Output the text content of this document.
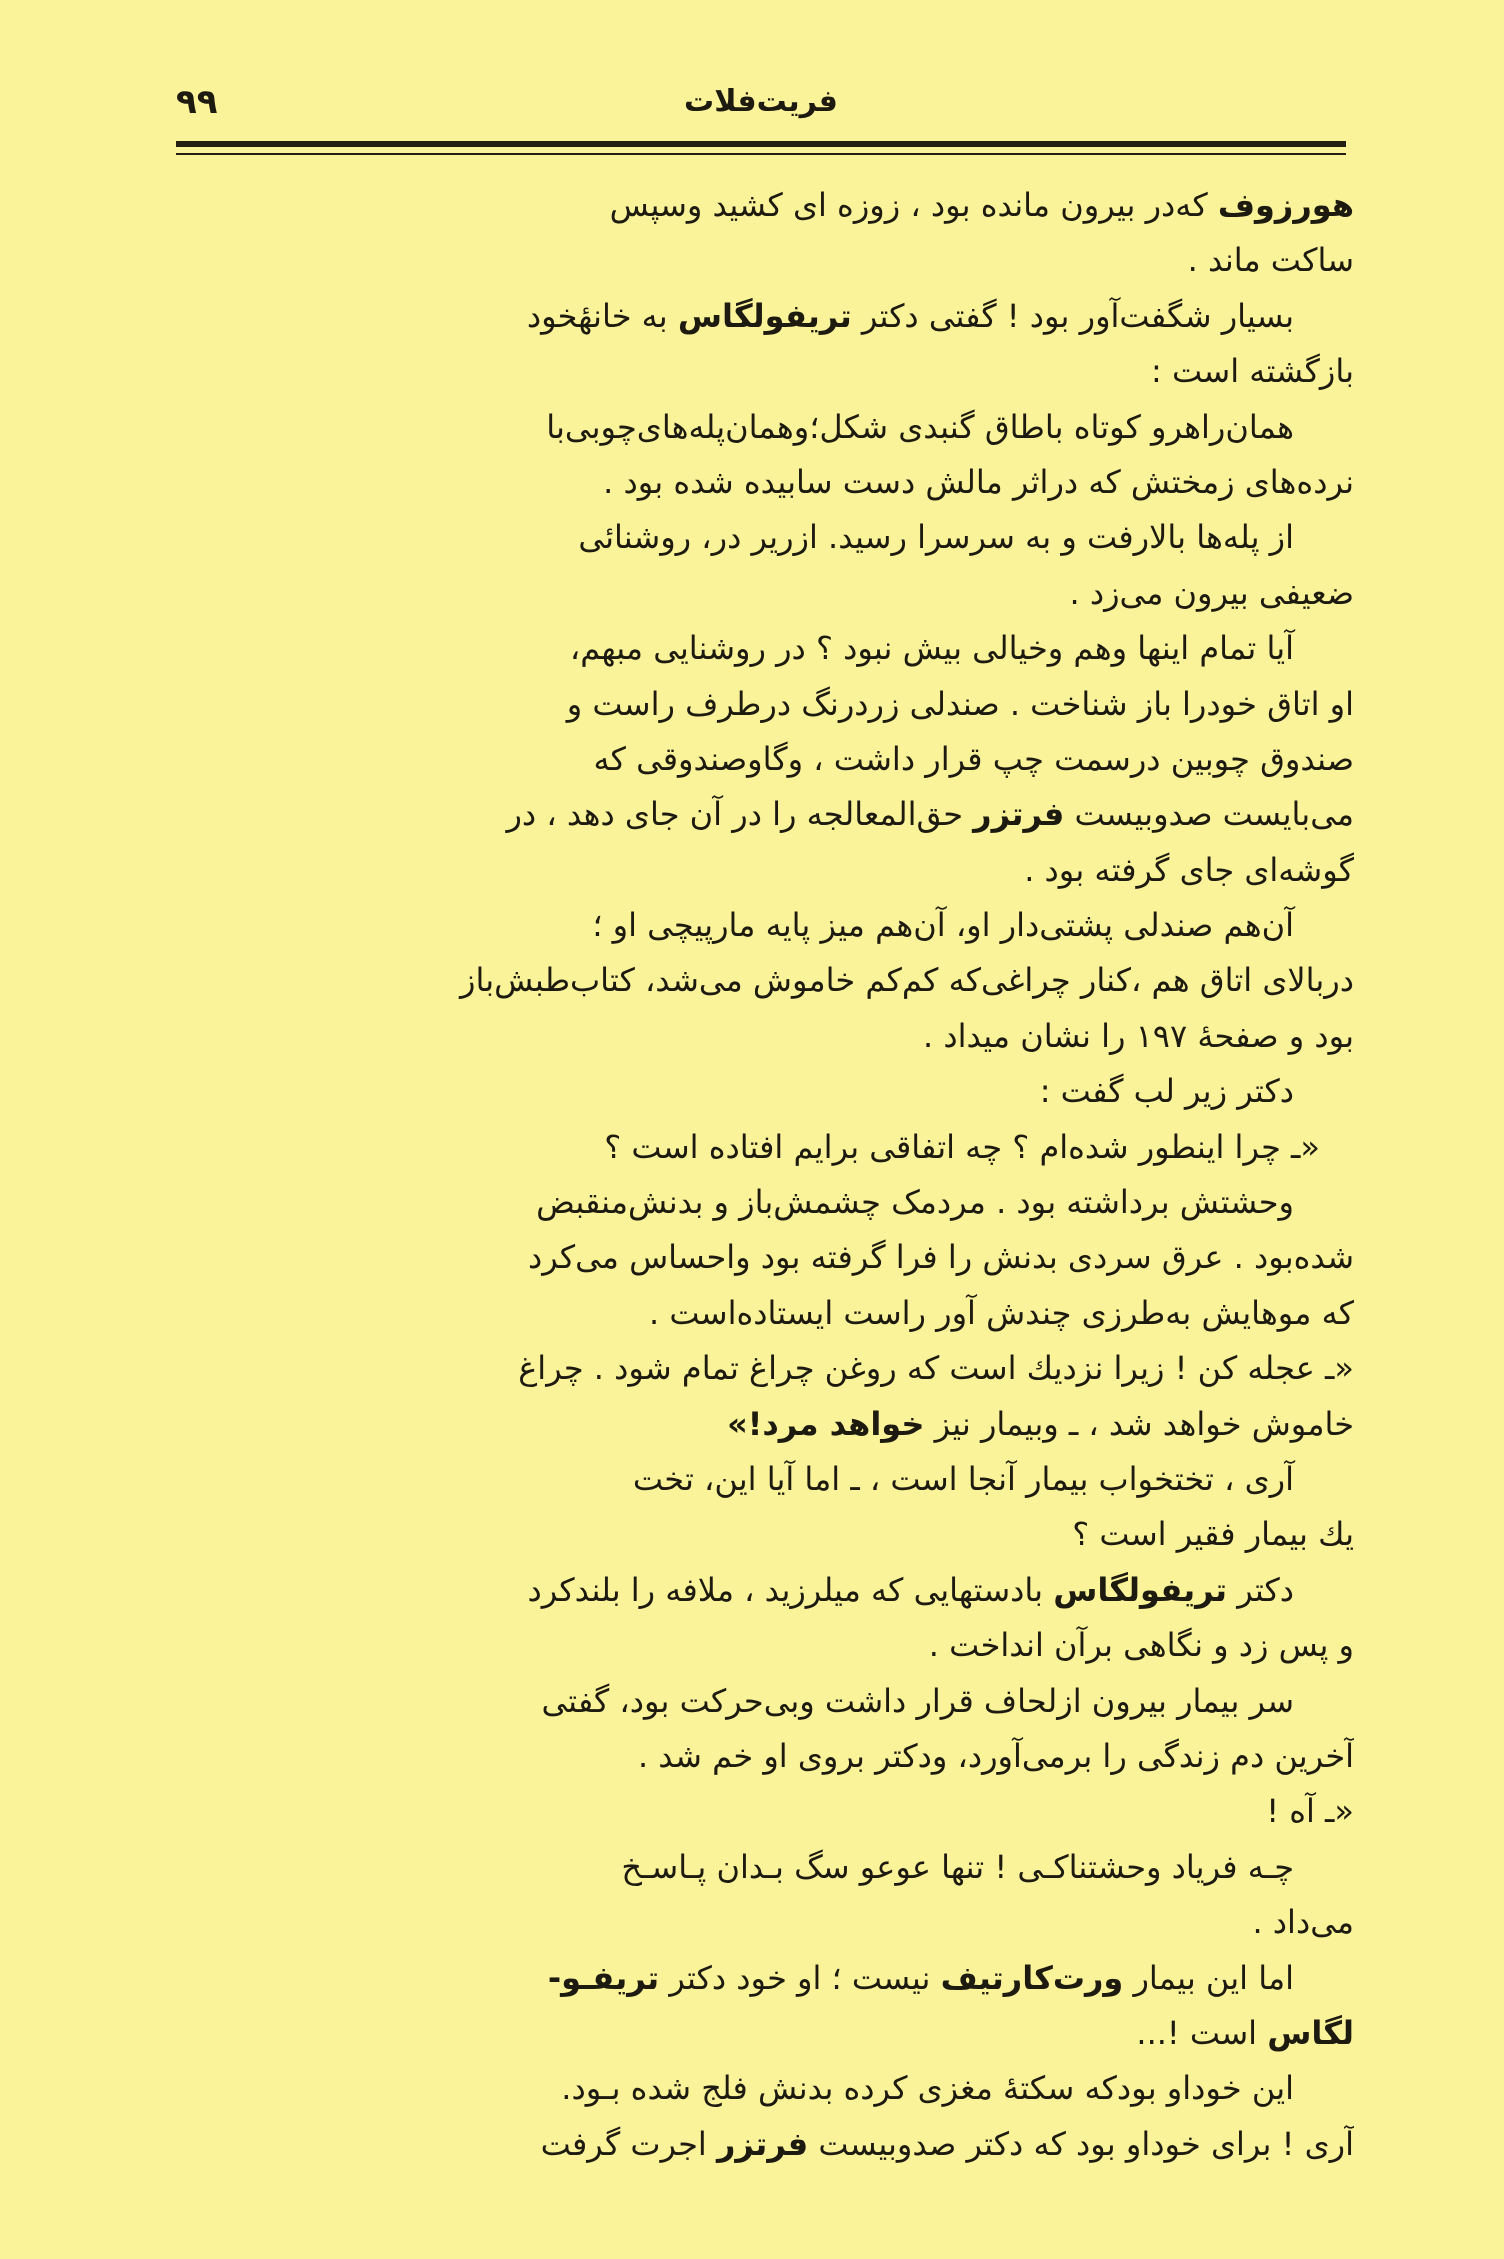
فریت‌فلات
۹۹
هورزوف که‌در بیرون مانده بود ، زوزه ای کشید وسپس
ساکت ماند .
بسیار شگفت‌آور بود ! گفتی دکتر تریفولگاس به خانهٔخود
بازگشته است :
همان‌راهرو کوتاه باطاق گنبدی شکل؛وهمان‌پله‌های‌چوبی‌با
نرده‌های زمختش که دراثر مالش دست سابیده شده بود .
از پله‌ها بالارفت و به سرسرا رسید. ازریر در، روشنائی
ضعیفی بیرون می‌زد .
آیا تمام اینها وهم وخیالی بیش نبود ؟ در روشنایی مبهم،
او اتاق خودرا باز شناخت . صندلی زردرنگ درطرف راست و
صندوق چوبین درسمت چپ قرار داشت ، وگاوصندوقی که
می‌بایست صدوبیست فرتزر حق‌المعالجه را در آن جای دهد ، در
گوشه‌ای جای گرفته بود .
آن‌هم صندلی پشتی‌دار او، آن‌هم میز پایه مارپیچی او ؛
دربالای اتاق هم ،کنار چراغی‌که کم‌کم خاموش می‌شد، کتاب‌طبش‌باز
بود و صفحهٔ ۱۹۷ را نشان میداد .
دکتر زیر لب گفت :
«ـ چرا اینطور شده‌ام ؟ چه اتفاقی برایم افتاده است ؟
وحشتش برداشته بود . مردمک چشمش‌باز و بدنش‌منقبض
شده‌بود . عرق سردی بدنش را فرا گرفته بود واحساس می‌کرد
که موهایش به‌طرزی چندش آور راست ایستاده‌است .
«ـ عجله کن ! زیرا نزدیك است که روغن چراغ تمام شود . چراغ
خاموش خواهد شد ، ـ وبیمار نیز خواهد مرد!»
آری ، تختخواب بیمار آنجا است ، ـ اما آیا این، تخت
یك بیمار فقیر است ؟
دکتر تریفولگاس بادستهایی که میلرزید ، ملافه را بلندکرد
و پس زد و نگاهی برآن انداخت .
سر بیمار بیرون ازلحاف قرار داشت وبی‌حرکت بود، گفتی
آخرین دم زندگی را برمی‌آورد، ودکتر بروی او خم شد .
«ـ آه !
چـه فریاد وحشتناکـی ! تنها عوعو سگ بـدان پـاسـخ
می‌داد .
اما این بیمار ورت‌کارتیف نیست ؛ او خود دکتر تریفـو-
لگاس است !...
این خوداو بودکه سکتهٔ مغزی کرده بدنش فلج شده بـود.
آری ! برای خوداو بود که دکتر صدوبیست فرتزر اجرت گرفت
